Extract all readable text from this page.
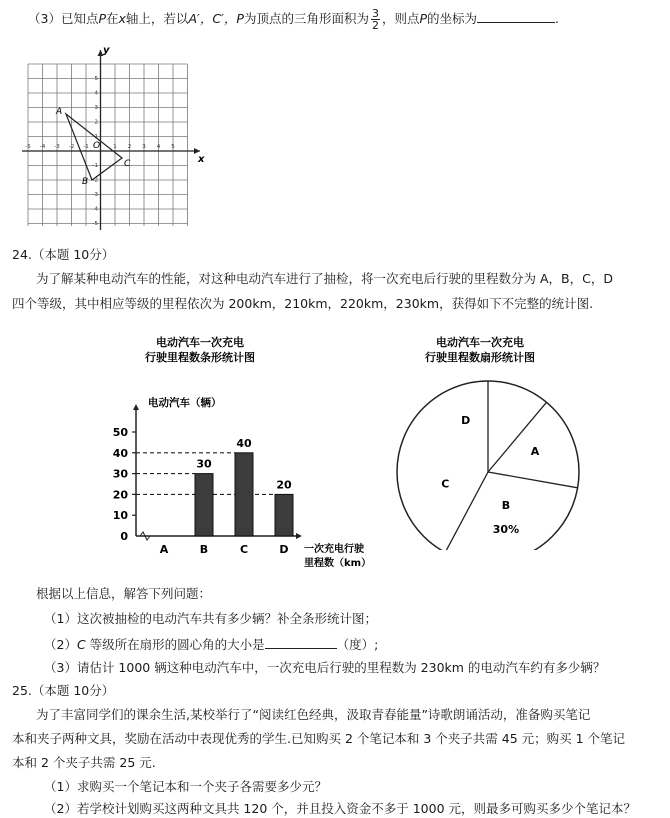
（3）已知点P在x轴上，若以A′，C′，P为顶点的三角形面积为 $\frac{3}{2}$ ，则点P的坐标为	.
x
y
O
-5 -4 -3 -2 -1	1 2 3 4 5
5
4
3
2
1
-1
-2
-3
-4
-5
A
B
C
24.（本题 10分）
为了解某种电动汽车的性能，对这种电动汽车进行了抽检，将一次充电后行驶的里程数分为 A，B，C，D
四个等级，其中相应等级的里程依次为 200km，210km，220km，230km，获得如下不完整的统计图.
电动汽车一次充电
行驶里程数条形统计图
电动汽车（辆）
0
10
20
30
40
50
A
30
B
40
C
20
D 一次充电行驶
里程数（km）
电动汽车一次充电
行驶里程数扇形统计图
A
B
30%
C
D
根据以上信息，解答下列问题：
（1）这次被抽检的电动汽车共有多少辆？补全条形统计图；
（2）C 等级所在扇形的圆心角的大小是	（度）;
（3）请估计 1000 辆这种电动汽车中，一次充电后行驶的里程数为 230km 的电动汽车约有多少辆？
25.（本题 10分）
为了丰富同学们的课余生活,某校举行了“阅读红色经典，汲取青春能量”诗歌朗诵活动，准备购买笔记
本和夹子两种文具，奖励在活动中表现优秀的学生.已知购买 2 个笔记本和 3 个夹子共需 45 元；购买 1 个笔记
本和 2 个夹子共需 25 元.
（1）求购买一个笔记本和一个夹子各需要多少元？
（2）若学校计划购买这两种文具共 120 个，并且投入资金不多于 1000 元，则最多可购买多少个笔记本？
